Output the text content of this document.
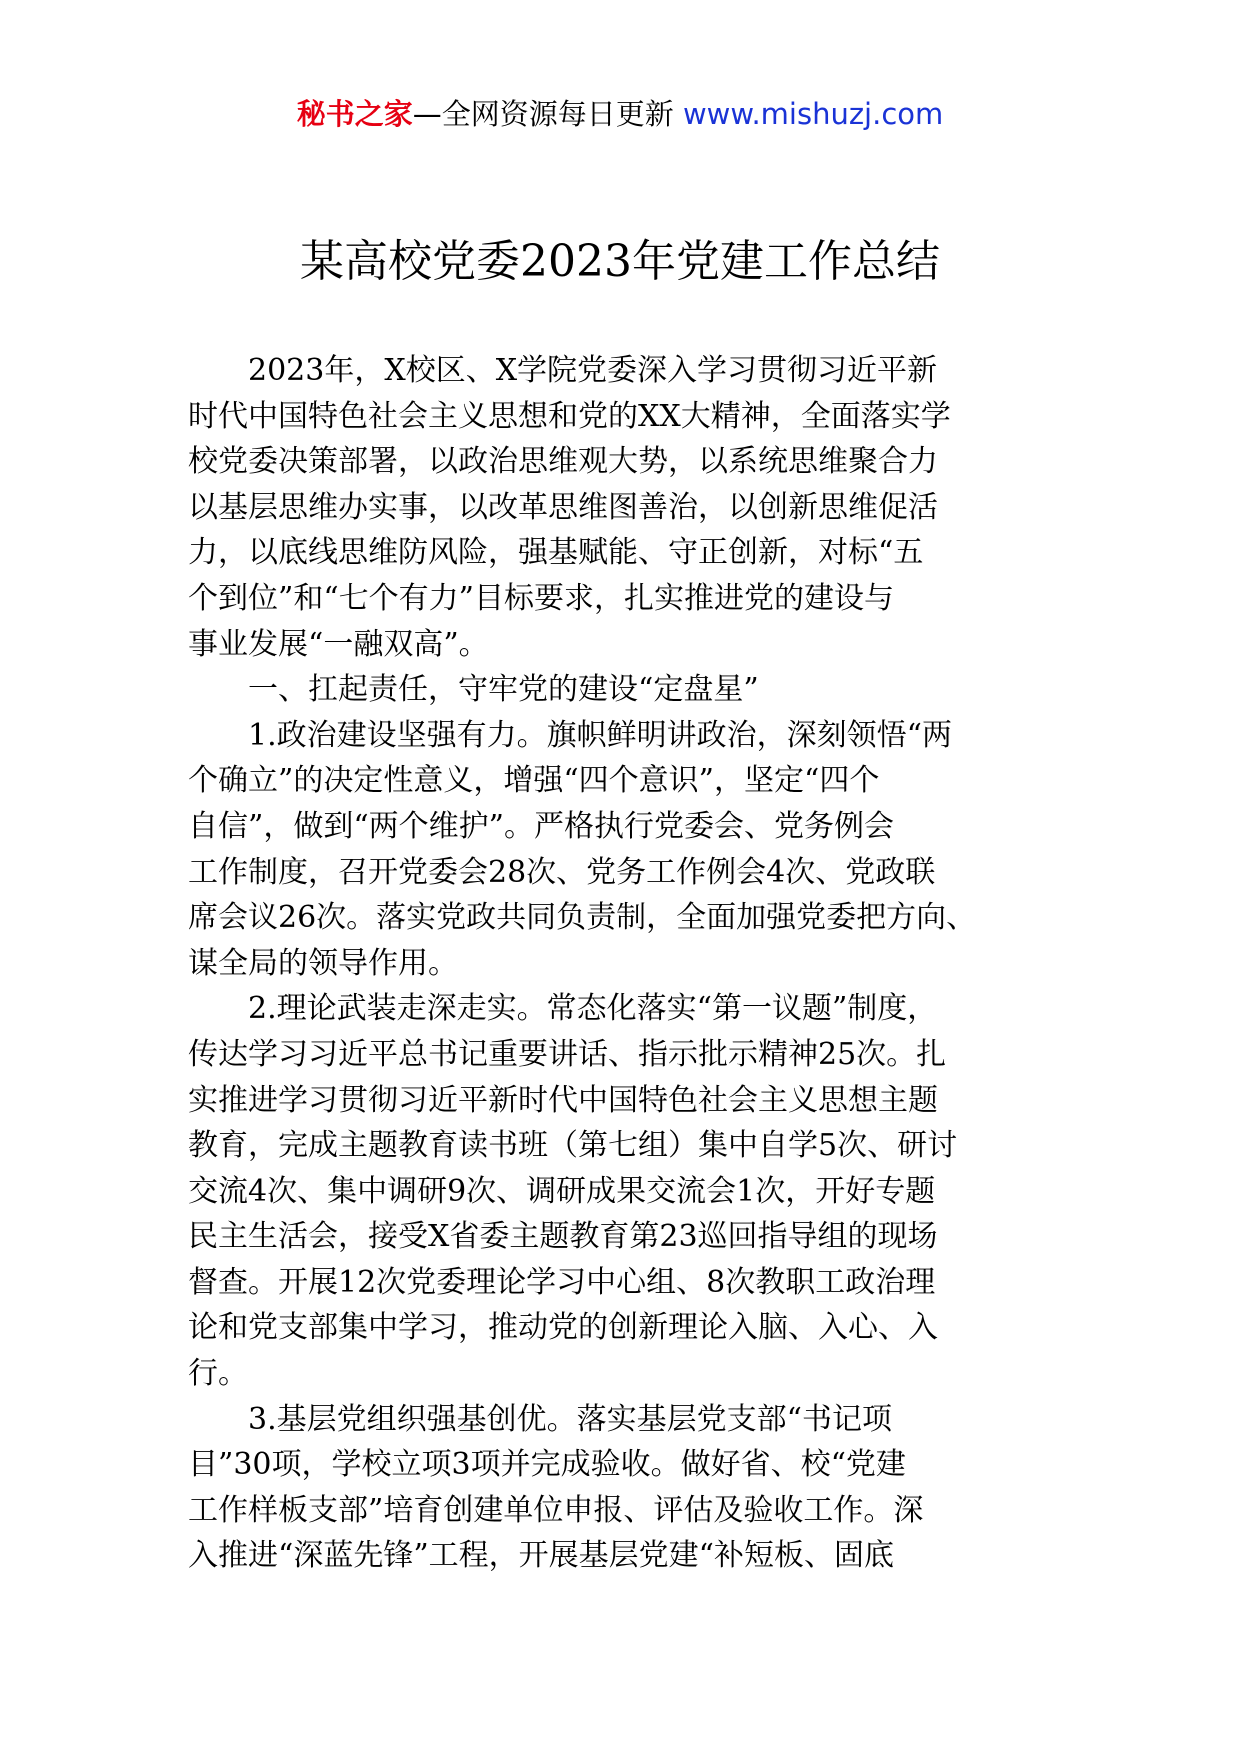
秘书之家—全网资源每日更新 www.mishuzj.com
某高校党委2023年党建工作总结
2023年，X校区、X学院党委深入学习贯彻习近平新
时代中国特色社会主义思想和党的XX大精神，全面落实学
校党委决策部署，以政治思维观大势，以系统思维聚合力
以基层思维办实事，以改革思维图善治，以创新思维促活
力，以底线思维防风险，强基赋能、守正创新，对标“五
个到位”和“七个有力”目标要求，扎实推进党的建设与
事业发展“一融双高”。
一、扛起责任，守牢党的建设“定盘星”
1.政治建设坚强有力。旗帜鲜明讲政治，深刻领悟“两
个确立”的决定性意义，增强“四个意识”，坚定“四个
自信”，做到“两个维护”。严格执行党委会、党务例会
工作制度，召开党委会28次、党务工作例会4次、党政联
席会议26次。落实党政共同负责制，全面加强党委把方向、
谋全局的领导作用。
2.理论武装走深走实。常态化落实“第一议题”制度，
传达学习习近平总书记重要讲话、指示批示精神25次。扎
实推进学习贯彻习近平新时代中国特色社会主义思想主题
教育，完成主题教育读书班（第七组）集中自学5次、研讨
交流4次、集中调研9次、调研成果交流会1次，开好专题
民主生活会，接受X省委主题教育第23巡回指导组的现场
督查。开展12次党委理论学习中心组、8次教职工政治理
论和党支部集中学习，推动党的创新理论入脑、入心、入
行。
3.基层党组织强基创优。落实基层党支部“书记项
目”30项，学校立项3项并完成验收。做好省、校“党建
工作样板支部”培育创建单位申报、评估及验收工作。深
入推进“深蓝先锋”工程，开展基层党建“补短板、固底
